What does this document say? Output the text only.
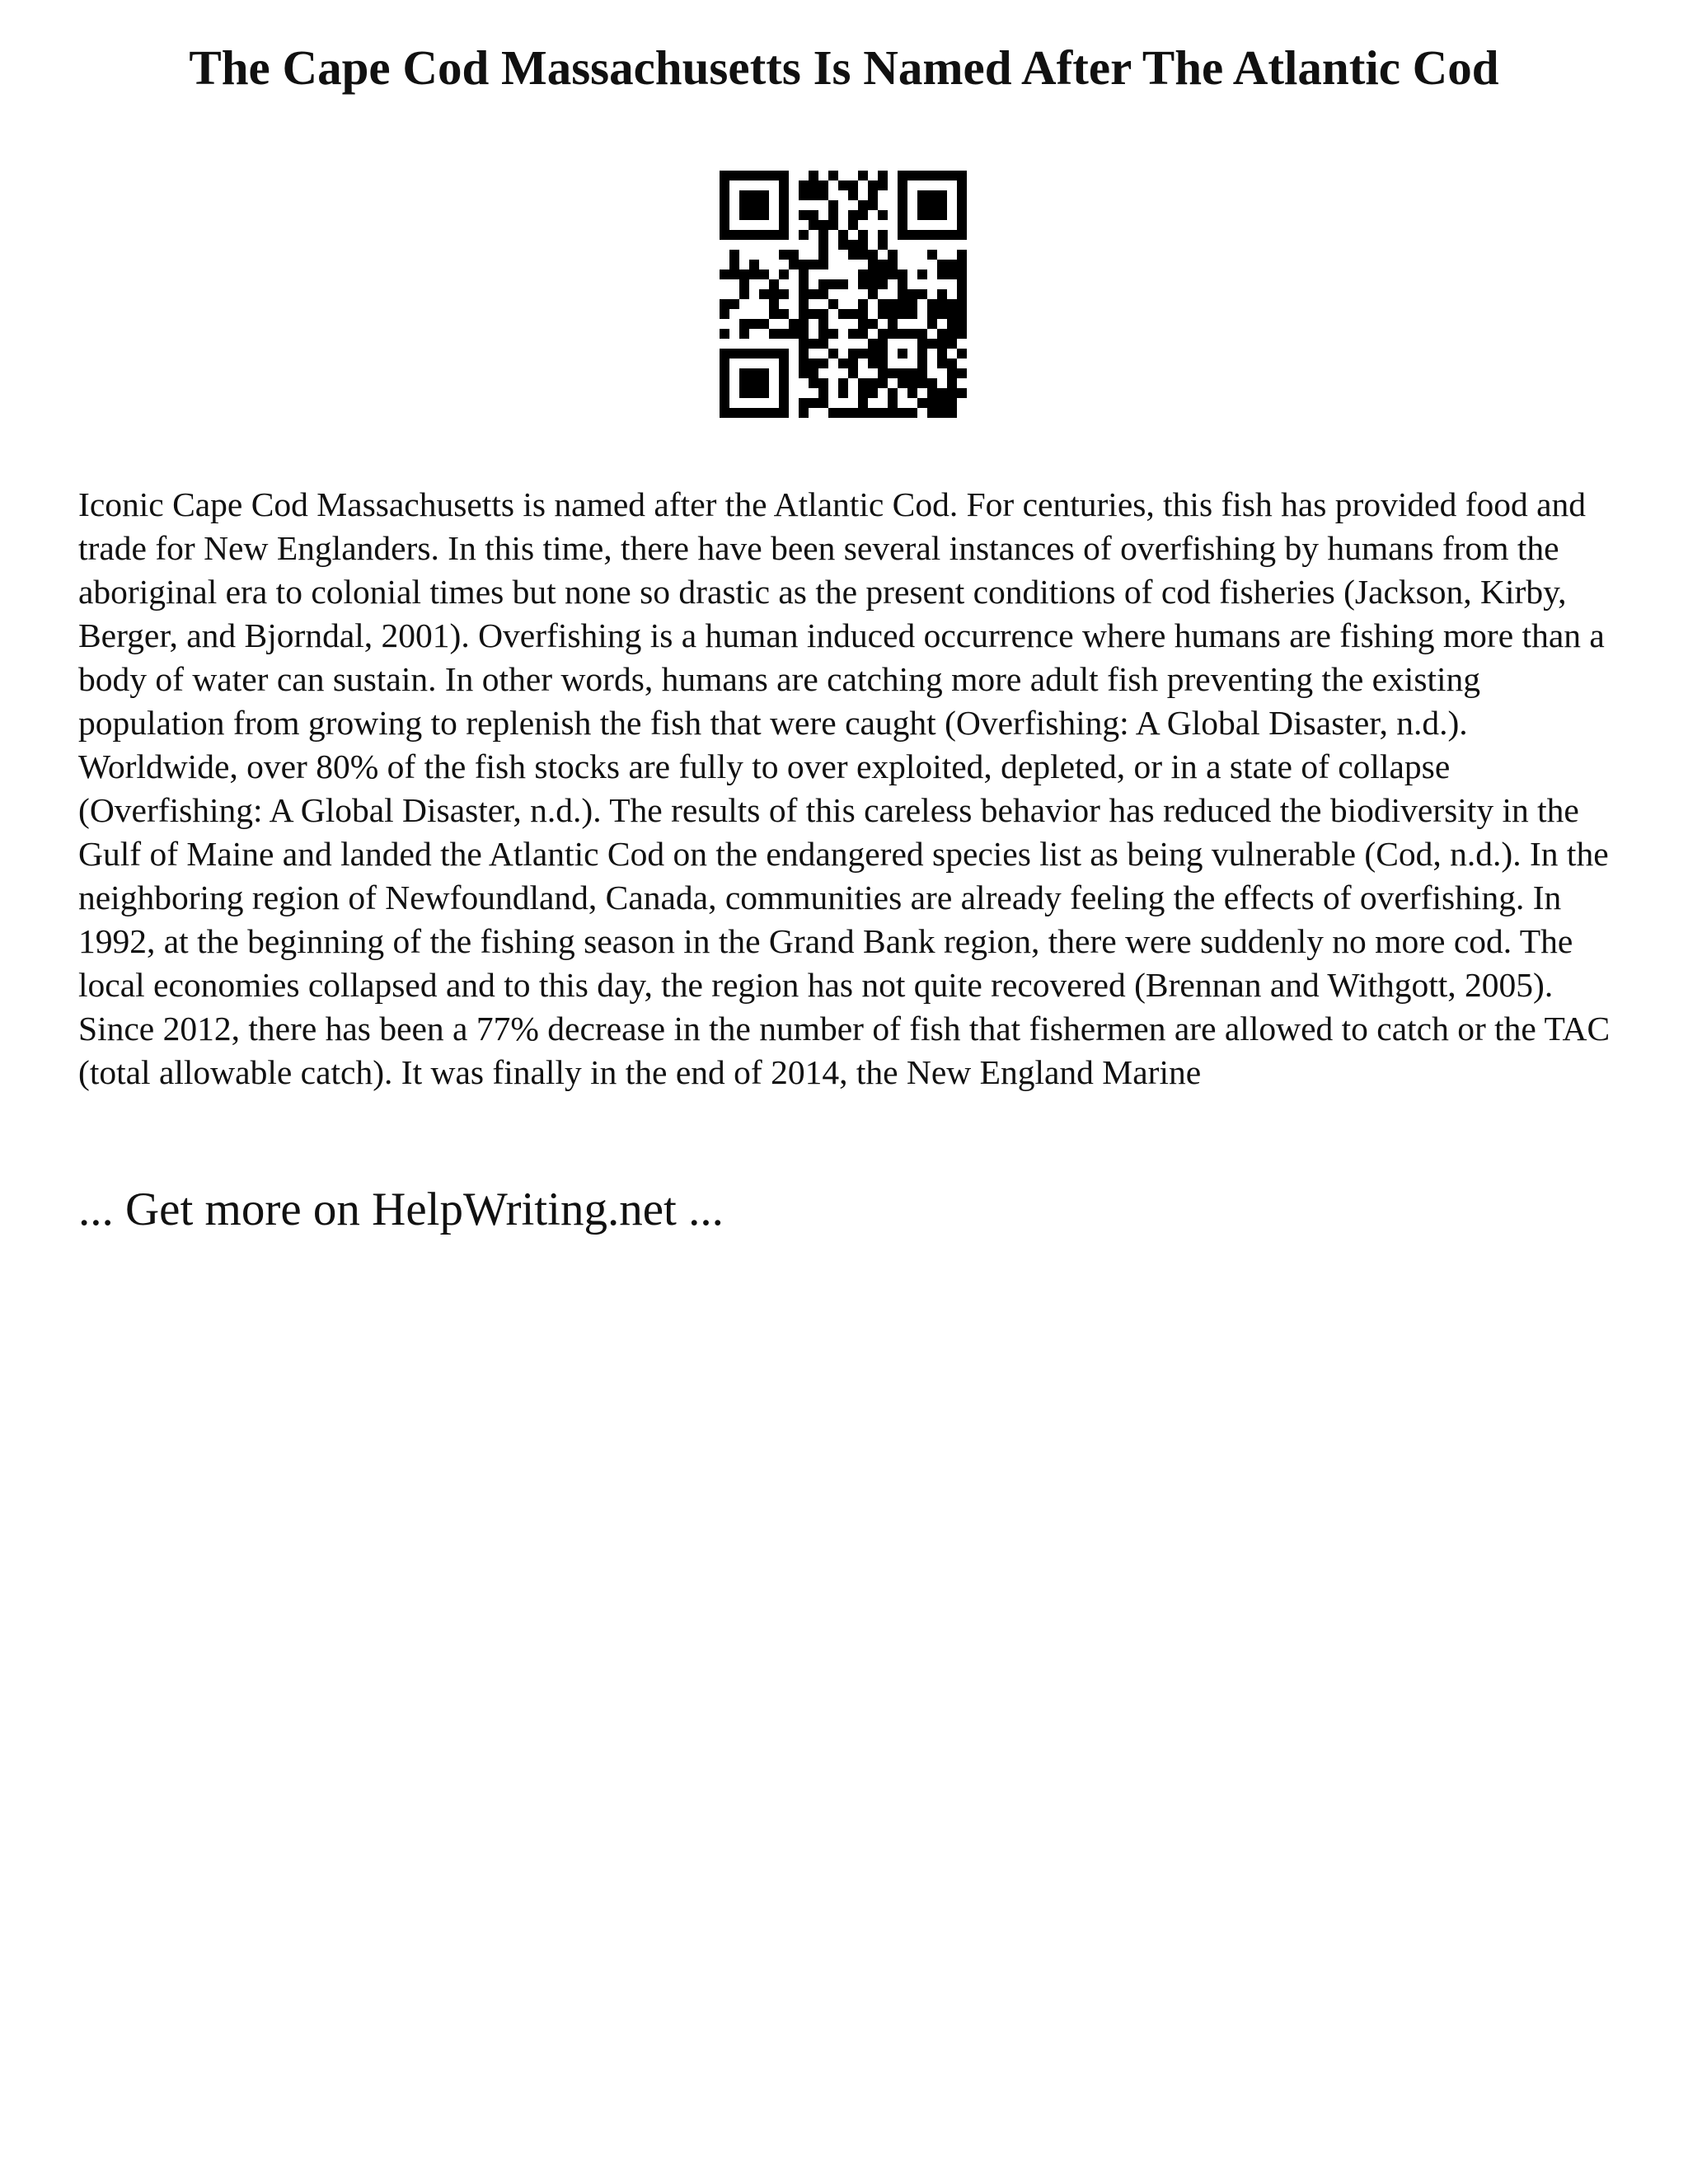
The Cape Cod Massachusetts Is Named After The Atlantic Cod

Iconic Cape Cod Massachusetts is named after the Atlantic Cod. For centuries, this fish has provided food and trade for New Englanders. In this time, there have been several instances of overfishing by humans from the aboriginal era to colonial times but none so drastic as the present conditions of cod fisheries (Jackson, Kirby, Berger, and Bjorndal, 2001). Overfishing is a human induced occurrence where humans are fishing more than a body of water can sustain. In other words, humans are catching more adult fish preventing the existing population from growing to replenish the fish that were caught (Overfishing: A Global Disaster, n.d.). Worldwide, over 80% of the fish stocks are fully to over exploited, depleted, or in a state of collapse (Overfishing: A Global Disaster, n.d.). The results of this careless behavior has reduced the biodiversity in the Gulf of Maine and landed the Atlantic Cod on the endangered species list as being vulnerable (Cod, n.d.). In the neighboring region of Newfoundland, Canada, communities are already feeling the effects of overfishing. In 1992, at the beginning of the fishing season in the Grand Bank region, there were suddenly no more cod. The local economies collapsed and to this day, the region has not quite recovered (Brennan and Withgott, 2005).

Since 2012, there has been a 77% decrease in the number of fish that fishermen are allowed to catch or the TAC (total allowable catch). It was finally in the end of 2014, the New England Marine

... Get more on HelpWriting.net ...
